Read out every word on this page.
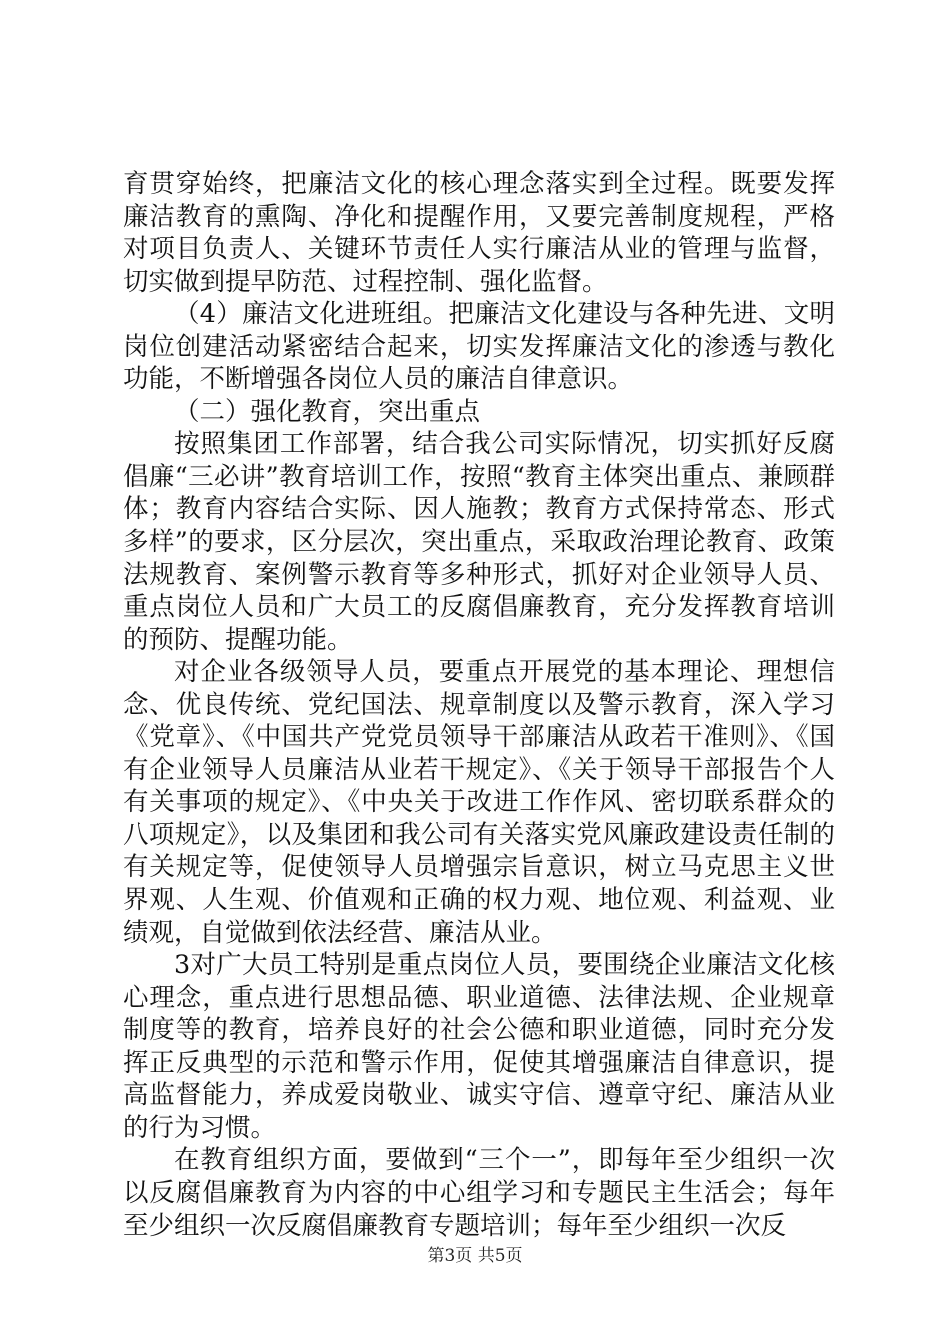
育贯穿始终，把廉洁文化的核心理念落实到全过程。既要发挥廉洁教育的熏陶、净化和提醒作用，又要完善制度规程，严格对项目负责人、关键环节责任人实行廉洁从业的管理与监督，切实做到提早防范、过程控制、强化监督。

（4）廉洁文化进班组。把廉洁文化建设与各种先进、文明岗位创建活动紧密结合起来，切实发挥廉洁文化的渗透与教化功能，不断增强各岗位人员的廉洁自律意识。

（二）强化教育，突出重点

按照集团工作部署，结合我公司实际情况，切实抓好反腐倡廉“三必讲”教育培训工作，按照“教育主体突出重点、兼顾群体；教育内容结合实际、因人施教；教育方式保持常态、形式多样”的要求，区分层次，突出重点，采取政治理论教育、政策法规教育、案例警示教育等多种形式，抓好对企业领导人员、重点岗位人员和广大员工的反腐倡廉教育，充分发挥教育培训的预防、提醒功能。

对企业各级领导人员，要重点开展党的基本理论、理想信念、优良传统、党纪国法、规章制度以及警示教育，深入学习《党章》、《中国共产党党员领导干部廉洁从政若干准则》、《国有企业领导人员廉洁从业若干规定》、《关于领导干部报告个人有关事项的规定》、《中央关于改进工作作风、密切联系群众的八项规定》，以及集团和我公司有关落实党风廉政建设责任制的有关规定等，促使领导人员增强宗旨意识，树立马克思主义世界观、人生观、价值观和正确的权力观、地位观、利益观、业绩观，自觉做到依法经营、廉洁从业。

3对广大员工特别是重点岗位人员，要围绕企业廉洁文化核心理念，重点进行思想品德、职业道德、法律法规、企业规章制度等的教育，培养良好的社会公德和职业道德，同时充分发挥正反典型的示范和警示作用，促使其增强廉洁自律意识，提高监督能力，养成爱岗敬业、诚实守信、遵章守纪、廉洁从业的行为习惯。

在教育组织方面，要做到“三个一”，即每年至少组织一次以反腐倡廉教育为内容的中心组学习和专题民主生活会；每年至少组织一次反腐倡廉教育专题培训；每年至少组织一次反

第3页 共5页
